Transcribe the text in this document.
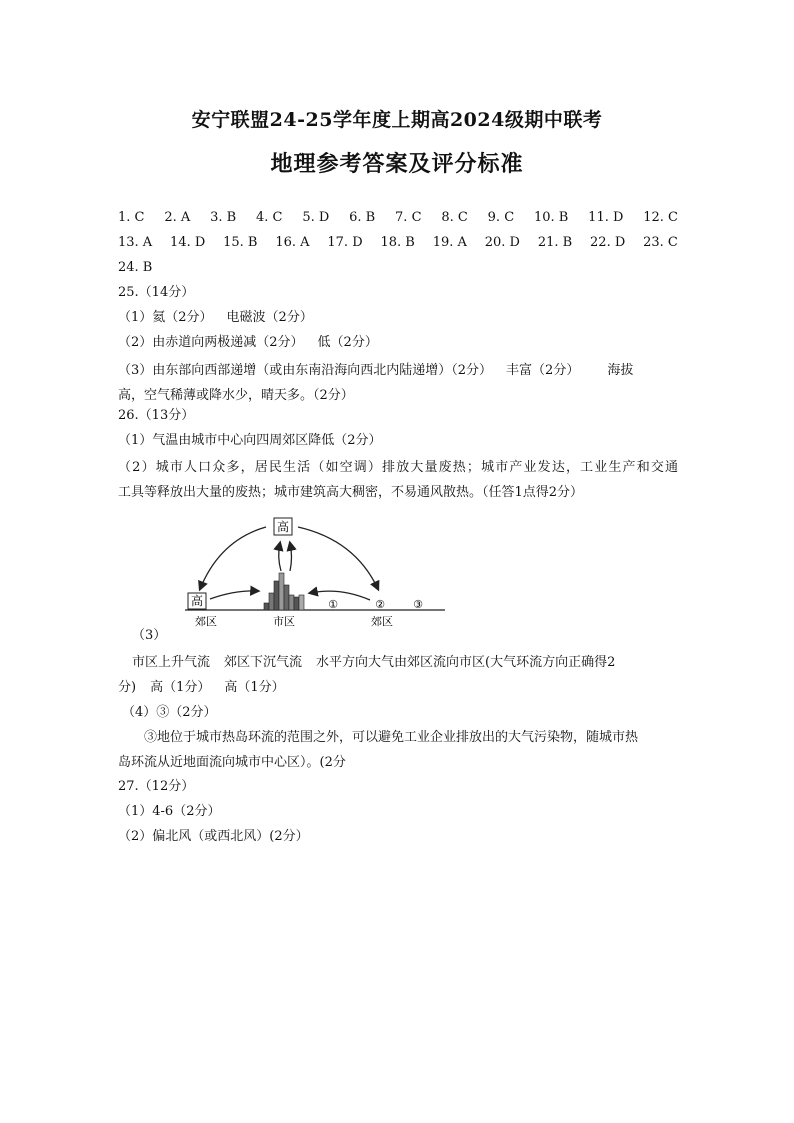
安宁联盟24-25学年度上期高2024级期中联考
地理参考答案及评分标准
1. C 2. A 3. B 4. C 5. D 6. B 7. C 8. C 9. C 10. B 11. D 12. C
13. A 14. D 15. B 16. A 17. D 18. B 19. A 20. D 21. B 22. D 23. C
24. B
25.（14分）
（1）氦（2分） 电磁波（2分）
（2）由赤道向两极递减（2分） 低（2分）
（3）由东部向西部递增（或由东南沿海向西北内陆递增）（2分） 丰富（2分） 海拔
高，空气稀薄或降水少，晴天多。（2分）
26.（13分）
（1）气温由城市中心向四周郊区降低（2分）
（2）城市人口众多，居民生活（如空调）排放大量废热；城市产业发达，工业生产和交通
工具等释放出大量的废热；城市建筑高大稠密，不易通风散热。（任答1点得2分）
高
高	①	②	③
郊区	市区	郊区
（3）
市区上升气流 郊区下沉气流 水平方向大气由郊区流向市区(大气环流方向正确得2
分) 高（1分） 高（1分）
（4）③（2分）
③地位于城市热岛环流的范围之外，可以避免工业企业排放出的大气污染物，随城市热
岛环流从近地面流向城市中心区）。(2分
27.（12分）
（1）4-6（2分）
（2）偏北风（或西北风）(2分）
